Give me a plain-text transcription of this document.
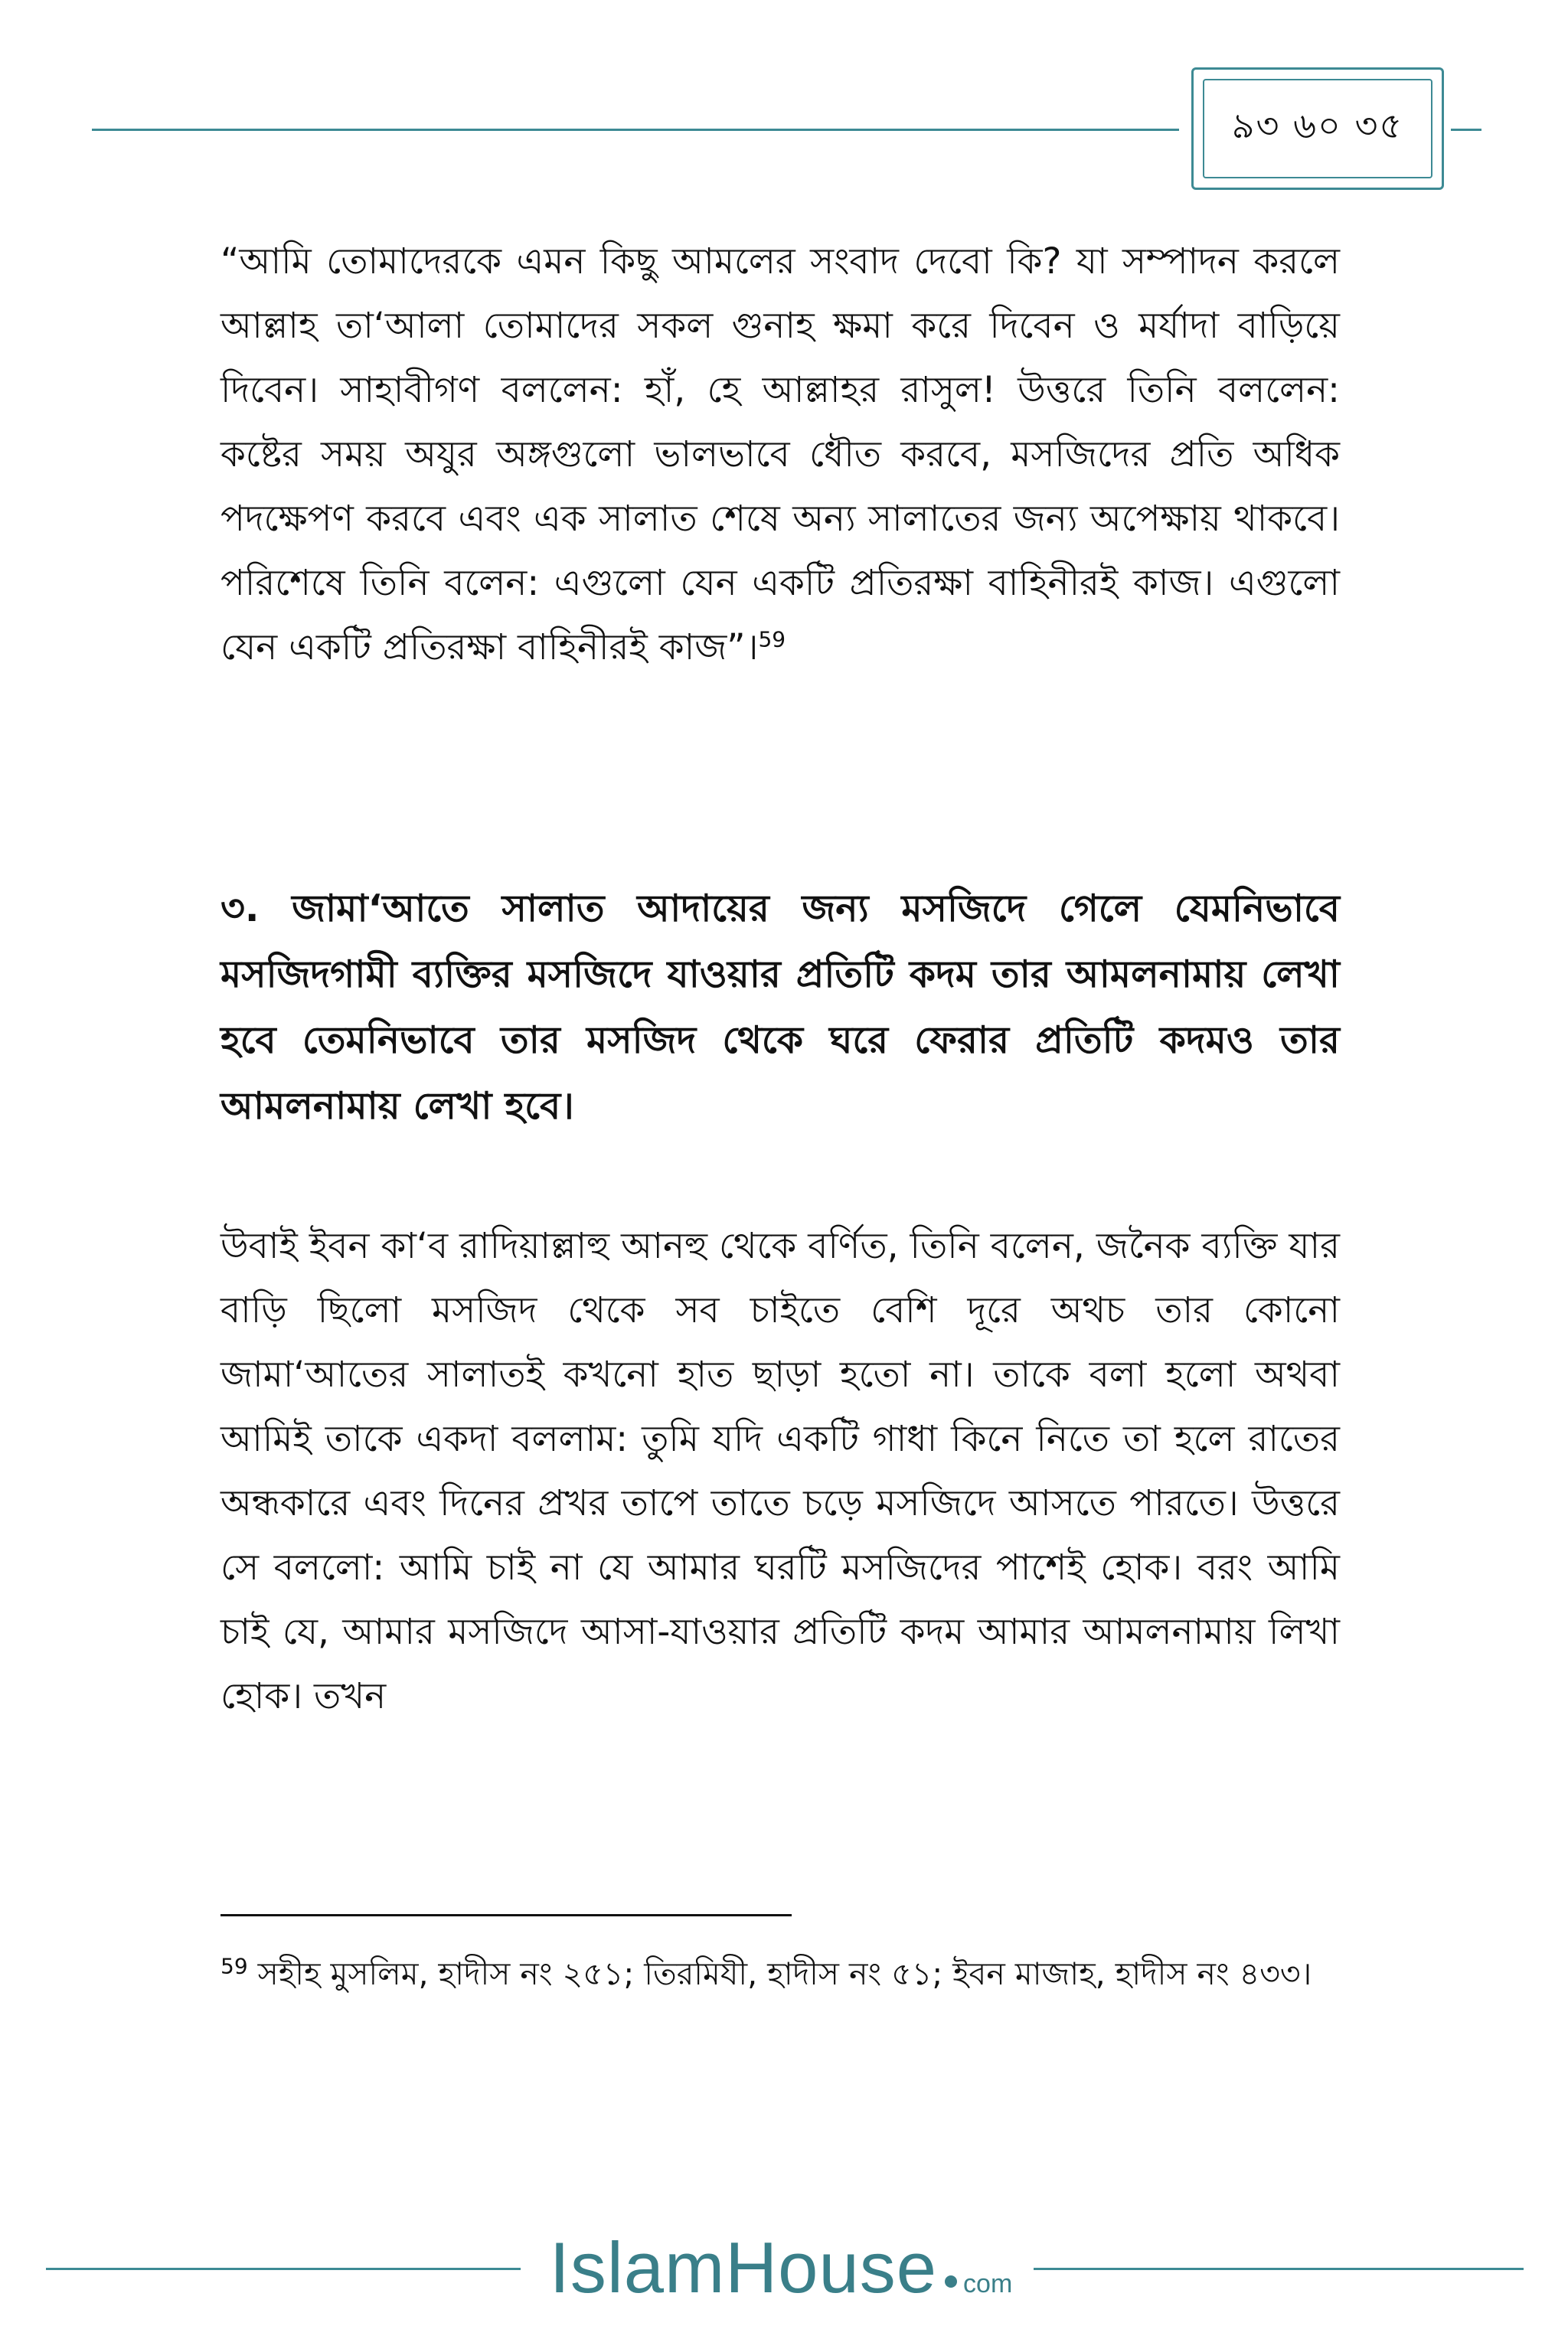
৯৩ ৬০ ৩৫

“আমি তোমাদেরকে এমন কিছু আমলের সংবাদ দেবো কি? যা সম্পাদন করলে আল্লাহ তা‘আলা তোমাদের সকল গুনাহ ক্ষমা করে দিবেন ও মর্যাদা বাড়িয়ে দিবেন। সাহাবীগণ বললেন: হাঁ, হে আল্লাহর রাসুল! উত্তরে তিনি বললেন: কষ্টের সময় অযুর অঙ্গগুলো ভালভাবে ধৌত করবে, মসজিদের প্রতি অধিক পদক্ষেপণ করবে এবং এক সালাত শেষে অন্য সালাতের জন্য অপেক্ষায় থাকবে। পরিশেষে তিনি বলেন: এগুলো যেন একটি প্রতিরক্ষা বাহিনীরই কাজ। এগুলো যেন একটি প্রতিরক্ষা বাহিনীরই কাজ”।$^{59}$

৩. জামা‘আতে সালাত আদায়ের জন্য মসজিদে গেলে যেমনিভাবে মসজিদগামী ব্যক্তির মসজিদে যাওয়ার প্রতিটি কদম তার আমলনামায় লেখা হবে তেমনিভাবে তার মসজিদ থেকে ঘরে ফেরার প্রতিটি কদমও তার আমলনামায় লেখা হবে।

উবাই ইবন কা‘ব রাদিয়াল্লাহু আনহু থেকে বর্ণিত, তিনি বলেন, জনৈক ব্যক্তি যার বাড়ি ছিলো মসজিদ থেকে সব চাইতে বেশি দূরে অথচ তার কোনো জামা‘আতের সালাতই কখনো হাত ছাড়া হতো না। তাকে বলা হলো অথবা আমিই তাকে একদা বললাম: তুমি যদি একটি গাধা কিনে নিতে তা হলে রাতের অন্ধকারে এবং দিনের প্রখর তাপে তাতে চড়ে মসজিদে আসতে পারতে। উত্তরে সে বললো: আমি চাই না যে আমার ঘরটি মসজিদের পাশেই হোক। বরং আমি চাই যে, আমার মসজিদে আসা-যাওয়ার প্রতিটি কদম আমার আমলনামায় লিখা হোক। তখন

$^{59}$ সহীহ মুসলিম, হাদীস নং ২৫১; তিরমিযী, হাদীস নং ৫১; ইবন মাজাহ, হাদীস নং ৪৩৩।

IslamHouse com
